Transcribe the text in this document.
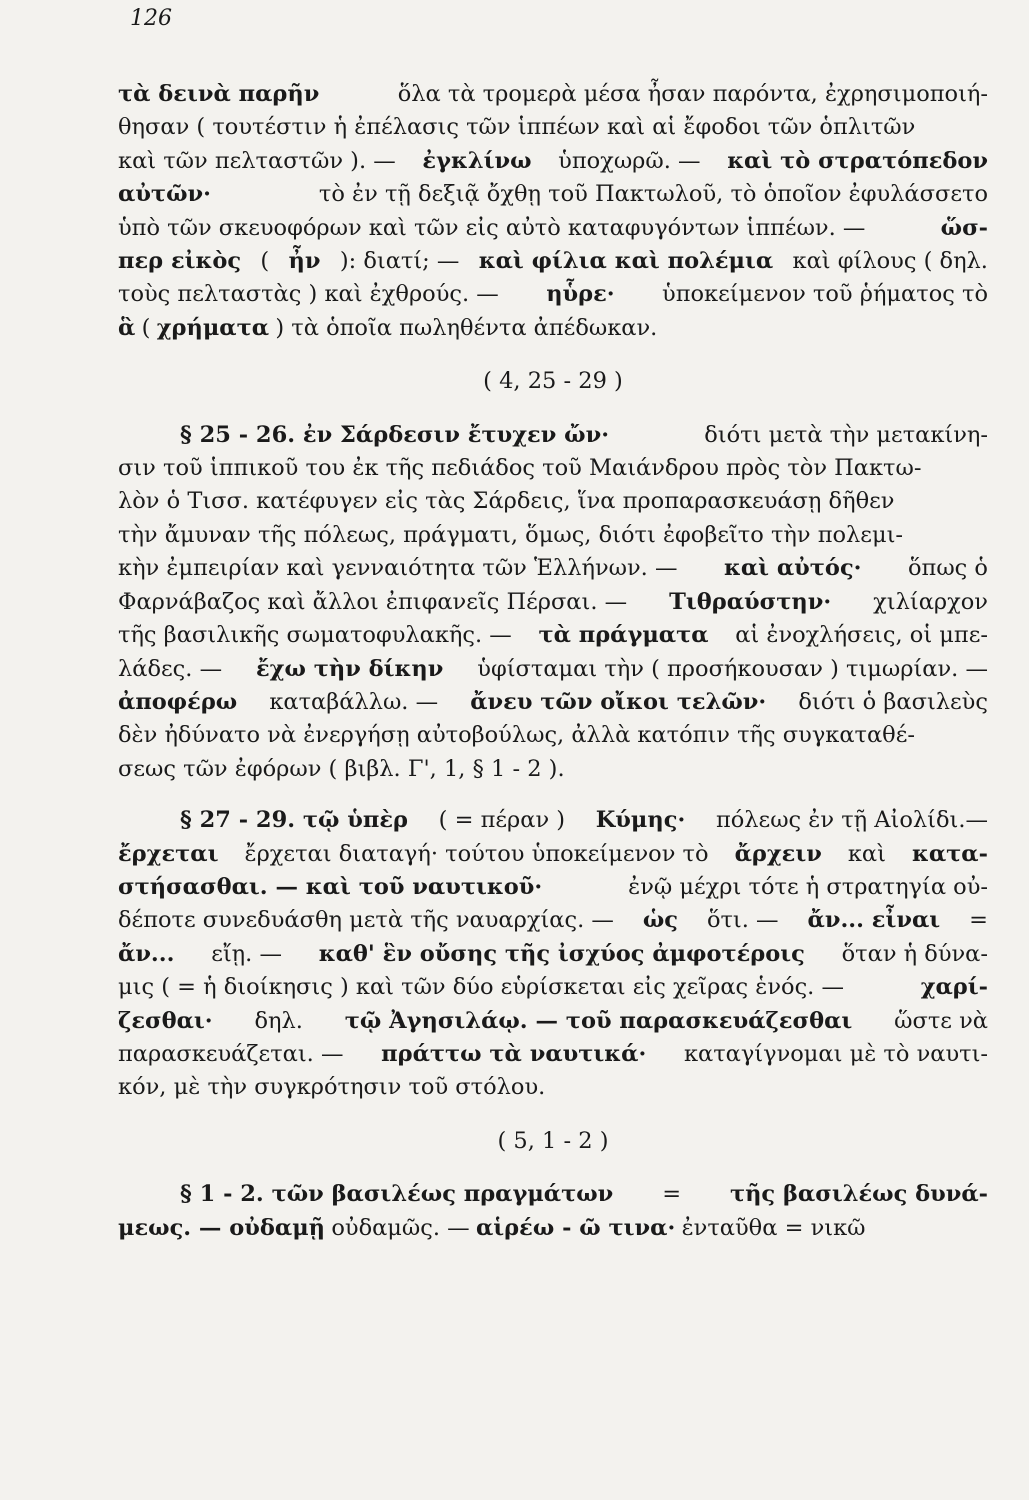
126
τὰ δεινὰ παρῆν	ὅλα τὰ τρομερὰ μέσα ἦσαν παρόντα, ἐχρησιμοποιή-
θησαν ( τουτέστιν ἡ ἐπέλασις τῶν ἱππέων καὶ αἱ ἔφοδοι τῶν ὁπλιτῶν
καὶ τῶν πελταστῶν ). — ἐγκλίνω ὑποχωρῶ. — καὶ τὸ στρατόπεδον
αὐτῶν·	τὸ ἐν τῇ δεξιᾷ ὄχθῃ τοῦ Πακτωλοῦ, τὸ ὁποῖον ἐφυλάσσετο
ὑπὸ τῶν σκευοφόρων καὶ τῶν εἰς αὐτὸ καταφυγόντων ἱππέων. —	ὥσ-
περ εἰκὸς ( ἦν ): διατί; — καὶ φίλια καὶ πολέμια καὶ φίλους ( δηλ.
τοὺς πελταστὰς ) καὶ ἐχθρούς. — ηὗρε· ὑποκείμενον τοῦ ῥήματος τὸ
ἃ ( χρήματα ) τὰ ὁποῖα πωληθέντα ἀπέδωκαν.
( 4, 25 - 29 )
§ 25 - 26. ἐν Σάρδεσιν ἔτυχεν ὤν·	διότι μετὰ τὴν μετακίνη-
σιν τοῦ ἱππικοῦ του ἐκ τῆς πεδιάδος τοῦ Μαιάνδρου πρὸς τὸν Πακτω-
λὸν ὁ Τισσ. κατέφυγεν εἰς τὰς Σάρδεις, ἵνα προπαρασκευάσῃ δῆθεν
τὴν ἄμυναν τῆς πόλεως, πράγματι, ὅμως, διότι ἐφοβεῖτο τὴν πολεμι-
κὴν ἐμπειρίαν καὶ γενναιότητα τῶν Ἑλλήνων. — καὶ αὐτός· ὅπως ὁ
Φαρνάβαζος καὶ ἄλλοι ἐπιφανεῖς Πέρσαι. — Τιθραύστην· χιλίαρχον
τῆς βασιλικῆς σωματοφυλακῆς. — τὰ πράγματα αἱ ἐνοχλήσεις, οἱ μπε-
λάδες. — ἔχω τὴν δίκην ὑφίσταμαι τὴν ( προσήκουσαν ) τιμωρίαν. —
ἀποφέρω καταβάλλω. — ἄνευ τῶν οἴκοι τελῶν· διότι ὁ βασιλεὺς
δὲν ἠδύνατο νὰ ἐνεργήσῃ αὐτοβούλως, ἀλλὰ κατόπιν τῆς συγκαταθέ-
σεως τῶν ἐφόρων ( βιβλ. Γ', 1, § 1 - 2 ).
§ 27 - 29. τῷ ὑπὲρ ( = πέραν ) Κύμης· πόλεως ἐν τῇ Αἰολίδι.—
ἔρχεται ἔρχεται διαταγή· τούτου ὑποκείμενον τὸ ἄρχειν καὶ κατα-
στήσασθαι. — καὶ τοῦ ναυτικοῦ·	ἐνῷ μέχρι τότε ἡ στρατηγία οὐ-
δέποτε συνεδυάσθη μετὰ τῆς ναυαρχίας. — ὡς ὅτι. — ἄν... εἶναι =
ἄν... εἴῃ. — καθ' ἓν οὔσης τῆς ἰσχύος ἀμφοτέροις ὅταν ἡ δύνα-
μις ( = ἡ διοίκησις ) καὶ τῶν δύο εὑρίσκεται εἰς χεῖρας ἑνός. —	χαρί-
ζεσθαι· δηλ. τῷ Ἀγησιλάῳ. — τοῦ παρασκευάζεσθαι ὥστε νὰ
παρασκευάζεται. — πράττω τὰ ναυτικά· καταγίγνομαι μὲ τὸ ναυτι-
κόν, μὲ τὴν συγκρότησιν τοῦ στόλου.
( 5, 1 - 2 )
§ 1 - 2. τῶν βασιλέως πραγμάτων = τῆς βασιλέως δυνά-
μεως. — οὐδαμῇ οὐδαμῶς. — αἱρέω - ῶ τινα· ἐνταῦθα = νικῶ
